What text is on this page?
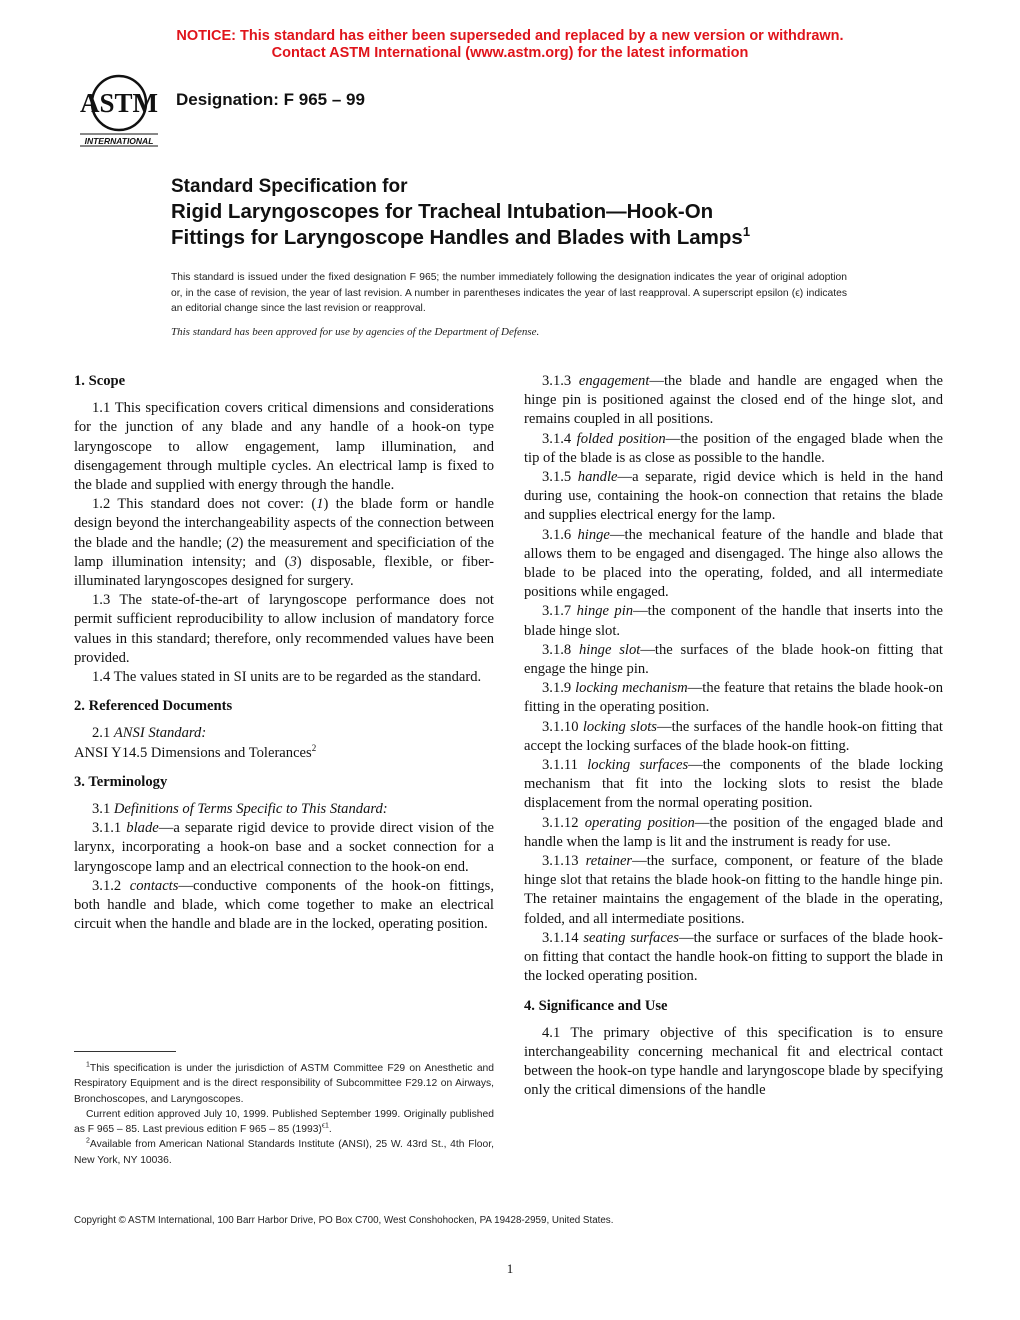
NOTICE: This standard has either been superseded and replaced by a new version or withdrawn.
Contact ASTM International (www.astm.org) for the latest information
ASTM
INTERNATIONAL
Designation: F 965 – 99
Standard Specification for
Rigid Laryngoscopes for Tracheal Intubation—Hook-On
Fittings for Laryngoscope Handles and Blades with Lamps$^1$
This standard is issued under the fixed designation F 965; the number immediately following the designation indicates the year of original adoption or, in the case of revision, the year of last revision. A number in parentheses indicates the year of last reapproval. A superscript epsilon (ϵ) indicates an editorial change since the last revision or reapproval.
This standard has been approved for use by agencies of the Department of Defense.
1. Scope

1.1 This specification covers critical dimensions and considerations for the junction of any blade and any handle of a hook-on type laryngoscope to allow engagement, lamp illumination, and disengagement through multiple cycles. An electrical lamp is fixed to the blade and supplied with energy through the handle.

1.2 This standard does not cover: (1) the blade form or handle design beyond the interchangeability aspects of the connection between the blade and the handle; (2) the measurement and specificiation of the lamp illumination intensity; and (3) disposable, flexible, or fiber-illuminated laryngoscopes designed for surgery.

1.3 The state-of-the-art of laryngoscope performance does not permit sufficient reproducibility to allow inclusion of mandatory force values in this standard; therefore, only recommended values have been provided.

1.4 The values stated in SI units are to be regarded as the standard.

2. Referenced Documents

2.1 ANSI Standard:

ANSI Y14.5 Dimensions and Tolerances$^2$

3. Terminology

3.1 Definitions of Terms Specific to This Standard:

3.1.1 blade—a separate rigid device to provide direct vision of the larynx, incorporating a hook-on base and a socket connection for a laryngoscope lamp and an electrical connection to the hook-on end.

3.1.2 contacts—conductive components of the hook-on fittings, both handle and blade, which come together to make an electrical circuit when the handle and blade are in the locked, operating position.

3.1.3 engagement—the blade and handle are engaged when the hinge pin is positioned against the closed end of the hinge slot, and remains coupled in all positions.

3.1.4 folded position—the position of the engaged blade when the tip of the blade is as close as possible to the handle.

3.1.5 handle—a separate, rigid device which is held in the hand during use, containing the hook-on connection that retains the blade and supplies electrical energy for the lamp.

3.1.6 hinge—the mechanical feature of the handle and blade that allows them to be engaged and disengaged. The hinge also allows the blade to be placed into the operating, folded, and all intermediate positions while engaged.

3.1.7 hinge pin—the component of the handle that inserts into the blade hinge slot.

3.1.8 hinge slot—the surfaces of the blade hook-on fitting that engage the hinge pin.

3.1.9 locking mechanism—the feature that retains the blade hook-on fitting in the operating position.

3.1.10 locking slots—the surfaces of the handle hook-on fitting that accept the locking surfaces of the blade hook-on fitting.

3.1.11 locking surfaces—the components of the blade locking mechanism that fit into the locking slots to resist the blade displacement from the normal operating position.

3.1.12 operating position—the position of the engaged blade and handle when the lamp is lit and the instrument is ready for use.

3.1.13 retainer—the surface, component, or feature of the blade hinge slot that retains the blade hook-on fitting to the handle hinge pin. The retainer maintains the engagement of the blade in the operating, folded, and all intermediate positions.

3.1.14 seating surfaces—the surface or surfaces of the blade hook-on fitting that contact the handle hook-on fitting to support the blade in the locked operating position.

4. Significance and Use

4.1 The primary objective of this specification is to ensure interchangeability concerning mechanical fit and electrical contact between the hook-on type handle and laryngoscope blade by specifying only the critical dimensions of the handle

$^1$This specification is under the jurisdiction of ASTM Committee F29 on Anesthetic and Respiratory Equipment and is the direct responsibility of Subcommittee F29.12 on Airways, Bronchoscopes, and Laryngoscopes.

Current edition approved July 10, 1999. Published September 1999. Originally published as F 965 – 85. Last previous edition F 965 – 85 $(1993)^{\epsilon 1}$.

$^2$Available from American National Standards Institute (ANSI), 25 W. 43rd St., 4th Floor, New York, NY 10036.

Copyright © ASTM International, 100 Barr Harbor Drive, PO Box C700, West Conshohocken, PA 19428-2959, United States.
1
